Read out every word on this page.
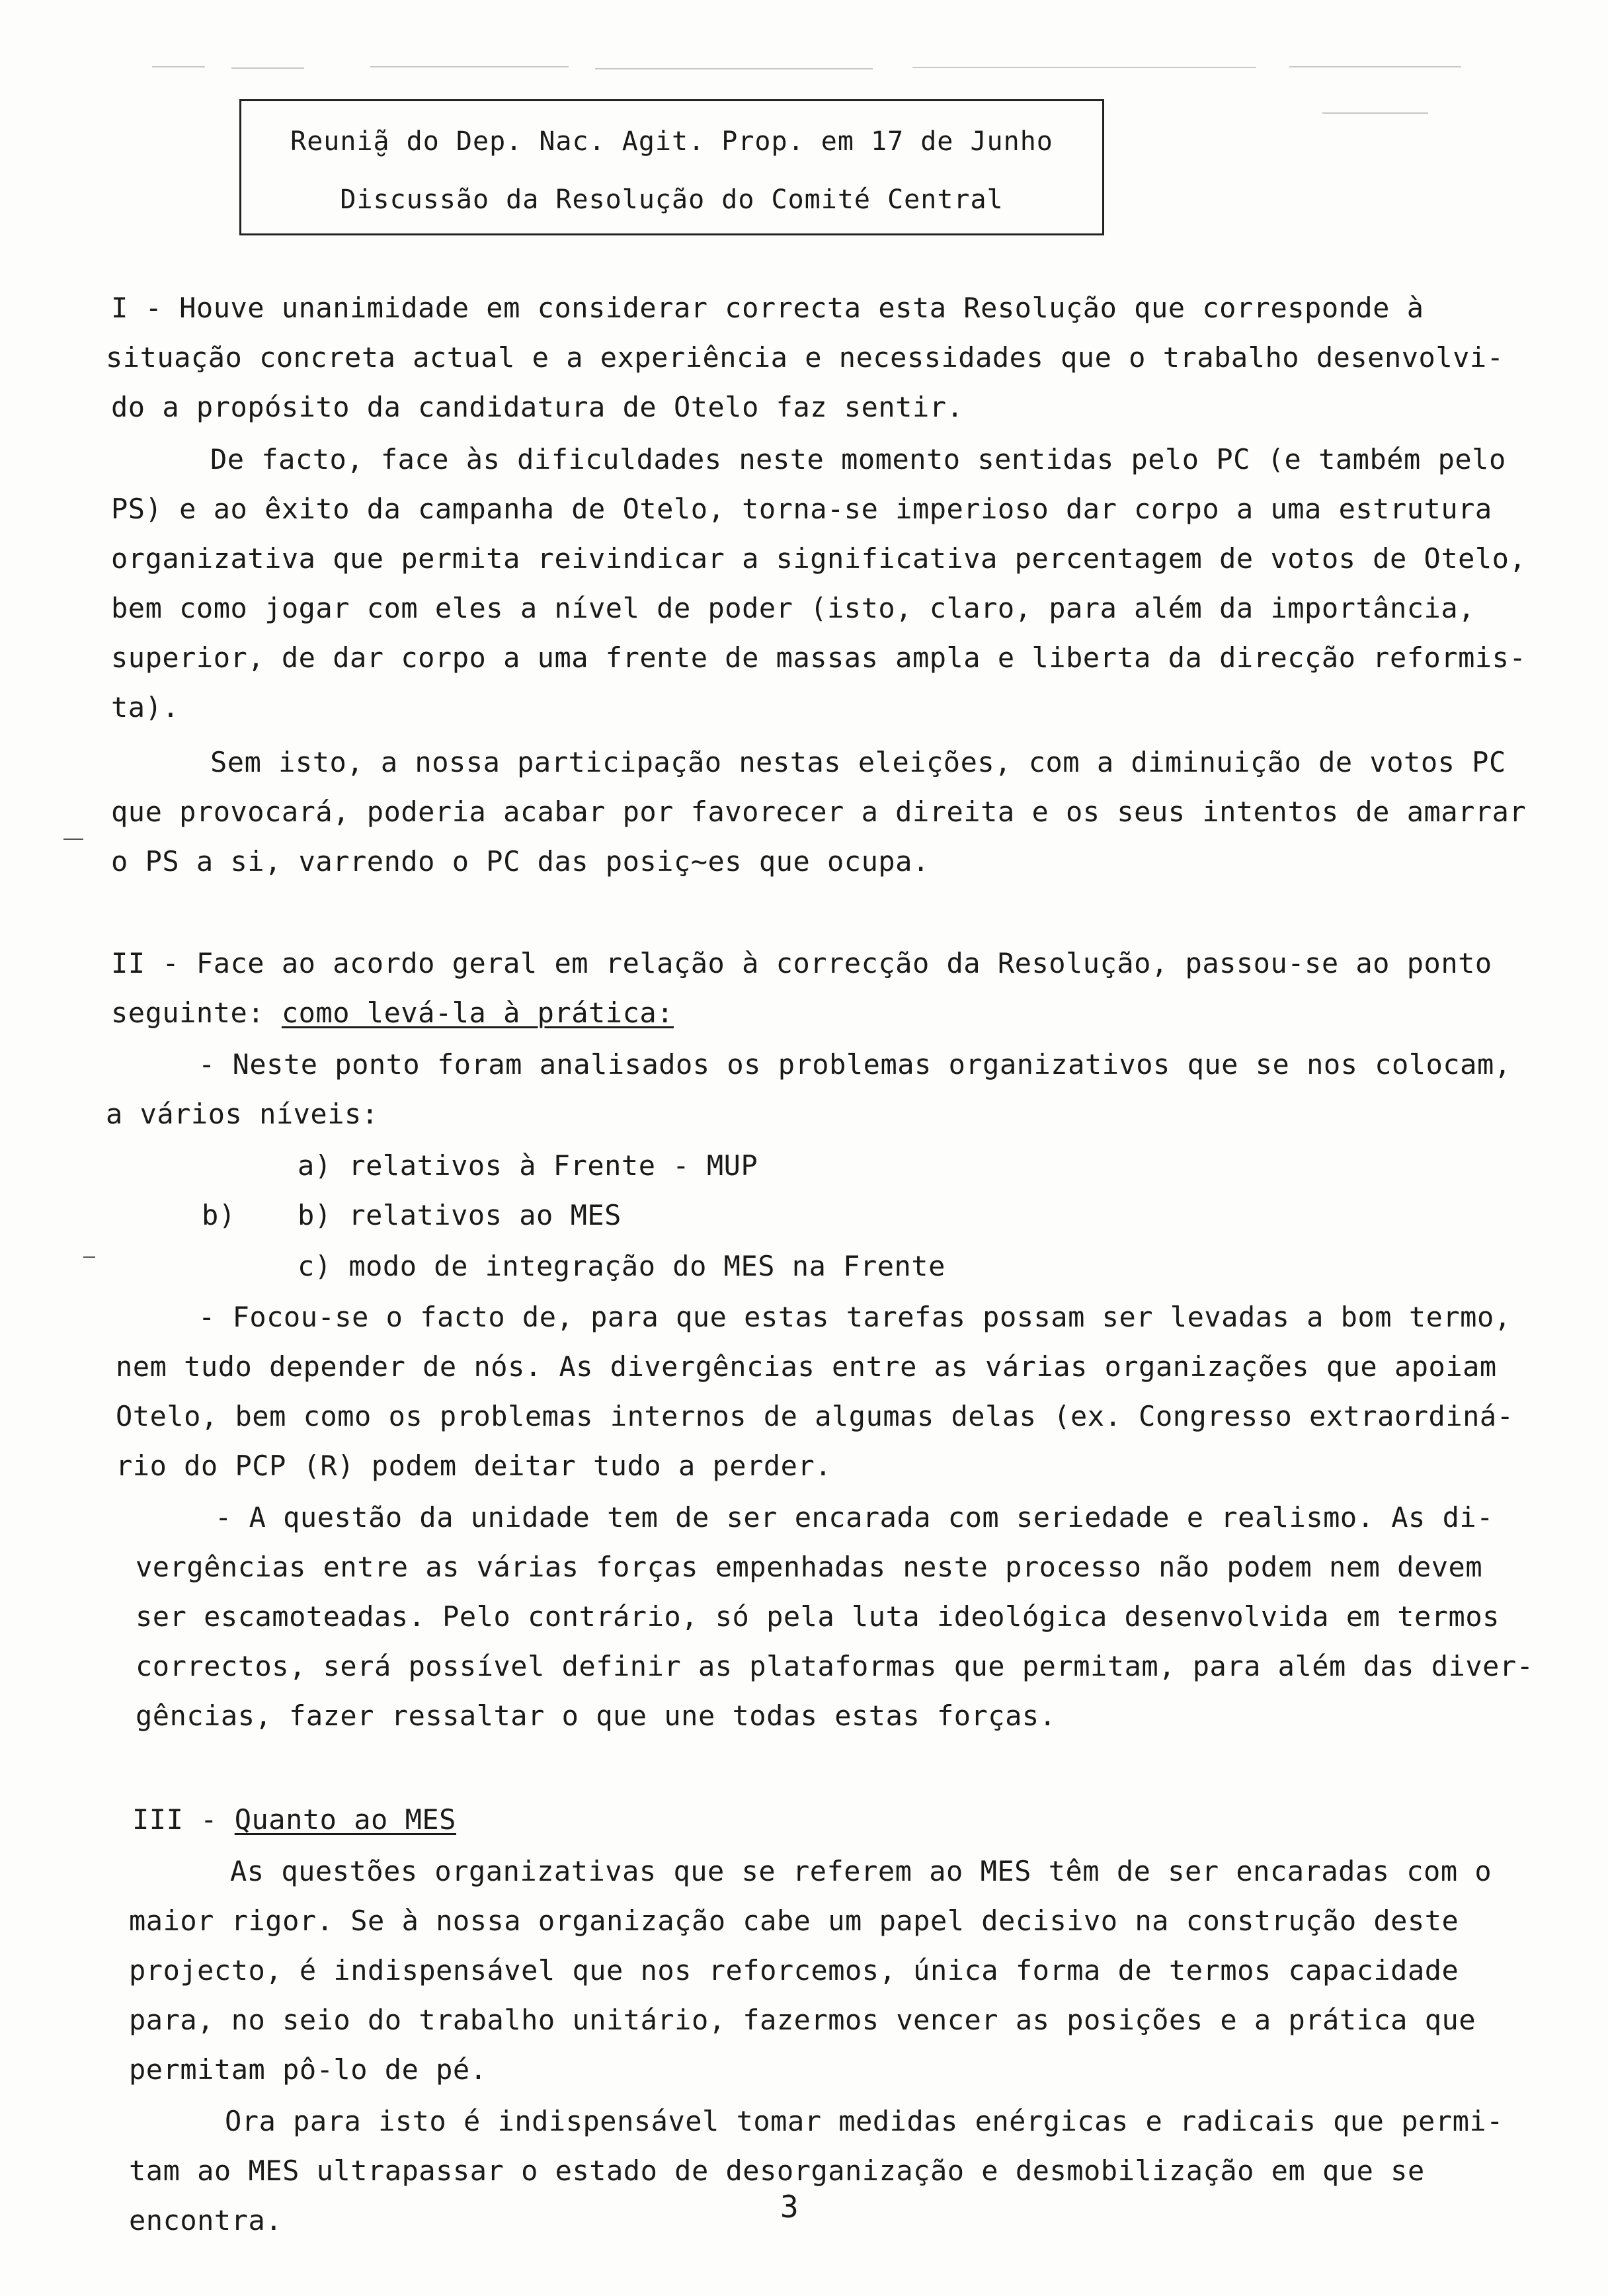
Reuniã̮ do Dep. Nac. Agit. Prop. em 17 de Junho
Discussão da Resolução do Comité Central
I - Houve unanimidade em considerar correcta esta Resolução que corresponde à
situação concreta actual e a experiência e necessidades que o trabalho desenvolvi-
do a propósito da candidatura de Otelo faz sentir.
De facto, face às dificuldades neste momento sentidas pelo PC (e também pelo
PS) e ao êxito da campanha de Otelo, torna-se imperioso dar corpo a uma estrutura
organizativa que permita reivindicar a significativa percentagem de votos de Otelo,
bem como jogar com eles a nível de poder (isto, claro, para além da importância,
superior, de dar corpo a uma frente de massas ampla e liberta da direcção reformis-
ta).
Sem isto, a nossa participação nestas eleições, com a diminuição de votos PC
que provocará, poderia acabar por favorecer a direita e os seus intentos de amarrar
o PS a si, varrendo o PC das posiç~es que ocupa.
II - Face ao acordo geral em relação à correcção da Resolução, passou-se ao ponto
seguinte: como levá-la à prática:
- Neste ponto foram analisados os problemas organizativos que se nos colocam,
a vários níveis:
a) relativos à Frente - MUP
b) b) relativos ao MES
c) modo de integração do MES na Frente
- Focou-se o facto de, para que estas tarefas possam ser levadas a bom termo,
nem tudo depender de nós. As divergências entre as várias organizações que apoiam
Otelo, bem como os problemas internos de algumas delas (ex. Congresso extraordiná-
rio do PCP (R) podem deitar tudo a perder.
- A questão da unidade tem de ser encarada com seriedade e realismo. As di-
vergências entre as várias forças empenhadas neste processo não podem nem devem
ser escamoteadas. Pelo contrário, só pela luta ideológica desenvolvida em termos
correctos, será possível definir as plataformas que permitam, para além das diver-
gências, fazer ressaltar o que une todas estas forças.
III - Quanto ao MES
As questões organizativas que se referem ao MES têm de ser encaradas com o
maior rigor. Se à nossa organização cabe um papel decisivo na construção deste
projecto, é indispensável que nos reforcemos, única forma de termos capacidade
para, no seio do trabalho unitário, fazermos vencer as posições e a prática que
permitam pô-lo de pé.
Ora para isto é indispensável tomar medidas enérgicas e radicais que permi-
tam ao MES ultrapassar o estado de desorganização e desmobilização em que se
encontra.	3
